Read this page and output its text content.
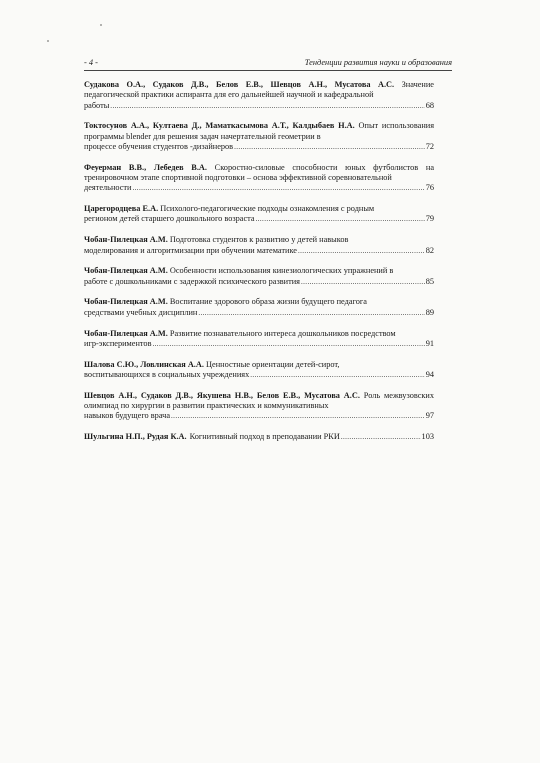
- 4 -	Тенденции развития науки и образования

Судакова О.А., Судаков Д.В., Белов Е.В., Шевцов А.Н., Мусатова А.С. Значение педагогической практики аспиранта для его дальнейшей научной и кафедральной

работы .....	68

Токтосунов А.А., Култаева Д., Маматкасымова А.Т., Калдыбаев Н.А. Опыт использования программы blender для решения задач начертательной геометрии в

процессе обучения студентов -дизайнеров .....	72

Феуерман В.В., Лебедев В.А. Скоростно-силовые способности юных футболистов на тренировочном этапе спортивной подготовки – основа эффективной соревновательной

деятельности .....	76

Царегородцева Е.А. Психолого-педагогические подходы ознакомления с родным

регионом детей старшего дошкольного возраста .....	79

Чобан-Пилецкая А.М. Подготовка студентов к развитию у детей навыков

моделирования и алгоритмизации при обучении математике .....	82

Чобан-Пилецкая А.М. Особенности использования кинезиологических упражнений в

работе с дошкольниками с задержкой психического развития .....	85

Чобан-Пилецкая А.М. Воспитание здорового образа жизни будущего педагога

средствами учебных дисциплин .....	89

Чобан-Пилецкая А.М. Развитие познавательного интереса дошкольников посредством

игр-экспериментов .....	91

Шалова С.Ю., Ловлинская А.А. Ценностные ориентации детей-сирот,

воспитывающихся в социальных учреждениях .....	94

Шевцов А.Н., Судаков Д.В., Якушева Н.В., Белов Е.В., Мусатова А.С. Роль межвузовских олимпиад по хирургии в развитии практических и коммуникативных

навыков будущего врача .....	97
Шульгина Н.П., Рудая К.А. Когнитивный подход в преподавании РКИ .....	103
